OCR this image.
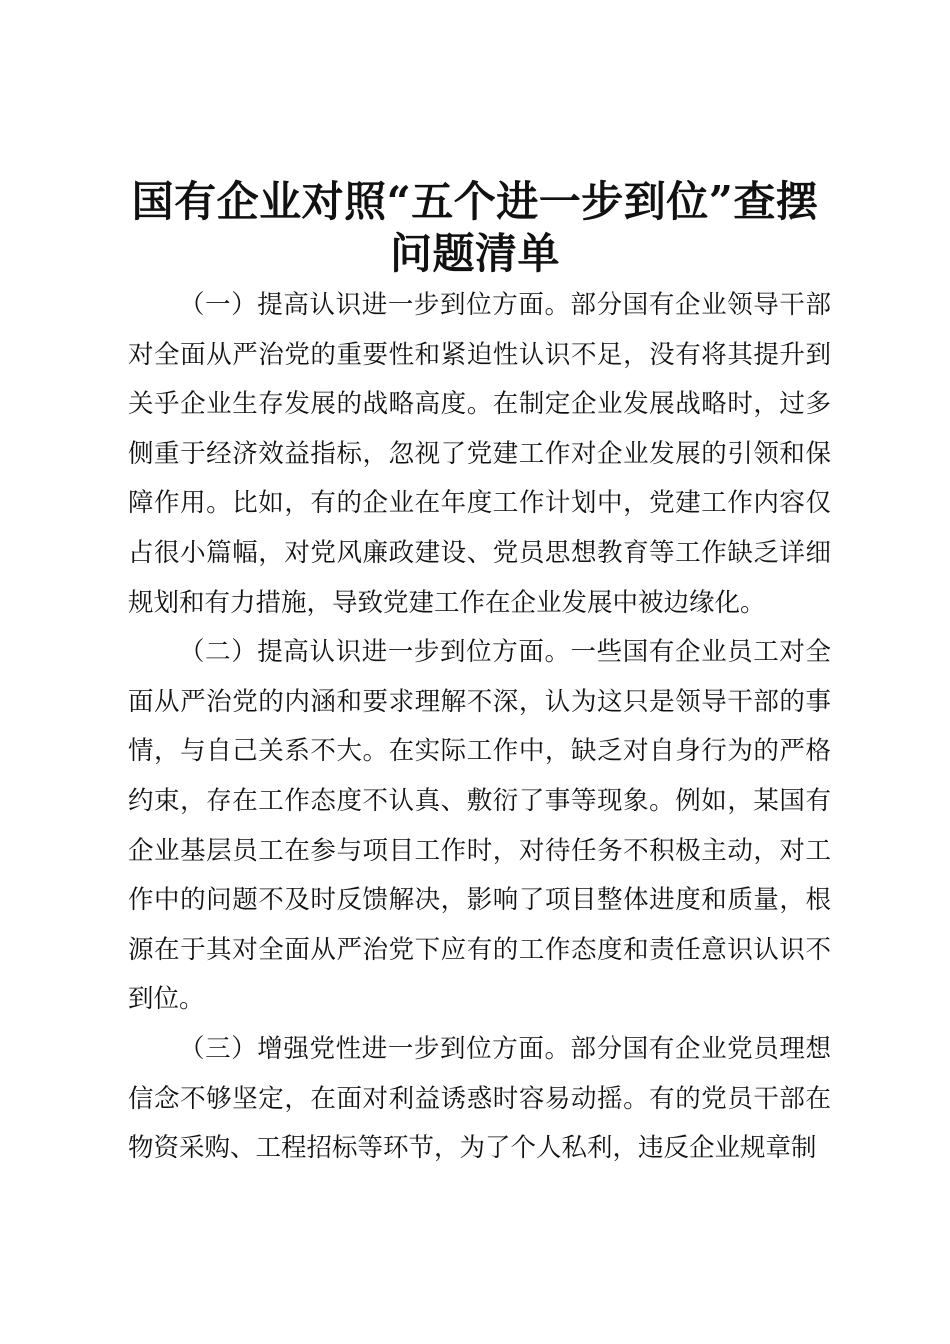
国有企业对照“五个进一步到位”查摆问题清单

（一）提高认识进一步到位方面。部分国有企业领导干部对全面从严治党的重要性和紧迫性认识不足，没有将其提升到关乎企业生存发展的战略高度。在制定企业发展战略时，过多侧重于经济效益指标，忽视了党建工作对企业发展的引领和保障作用。比如，有的企业在年度工作计划中，党建工作内容仅占很小篇幅，对党风廉政建设、党员思想教育等工作缺乏详细规划和有力措施，导致党建工作在企业发展中被边缘化。

（二）提高认识进一步到位方面。一些国有企业员工对全面从严治党的内涵和要求理解不深，认为这只是领导干部的事情，与自己关系不大。在实际工作中，缺乏对自身行为的严格约束，存在工作态度不认真、敷衍了事等现象。例如，某国有企业基层员工在参与项目工作时，对待任务不积极主动，对工作中的问题不及时反馈解决，影响了项目整体进度和质量，根源在于其对全面从严治党下应有的工作态度和责任意识认识不到位。

（三）增强党性进一步到位方面。部分国有企业党员理想信念不够坚定，在面对利益诱惑时容易动摇。有的党员干部在物资采购、工程招标等环节，为了个人私利，违反企业规章制
